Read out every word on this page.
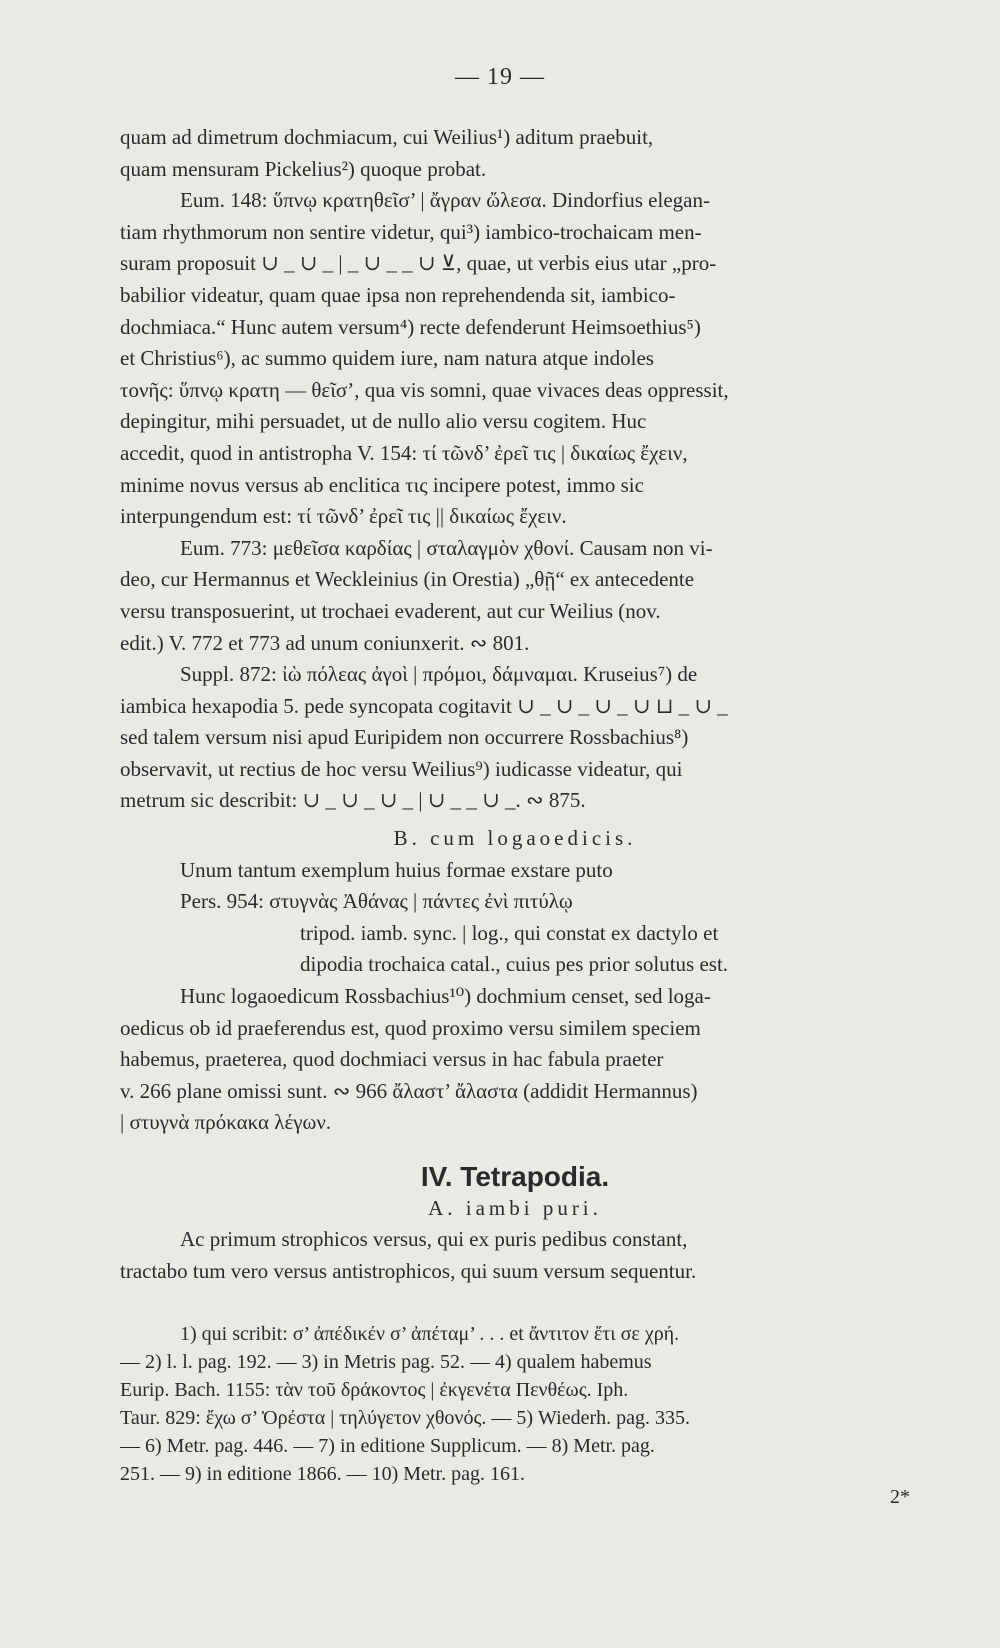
— 19 —

quam ad dimetrum dochmiacum, cui Weilius¹) aditum praebuit,

quam mensuram Pickelius²) quoque probat.

Eum. 148: ὕπνῳ κρατηθεῖσ’ | ἄγραν ὤλεσα. Dindorfius elegan-

tiam rhythmorum non sentire videtur, qui³) iambico-trochaicam men-

suram proposuit ∪ _ ∪ _ | _ ∪ _ _ ∪ ⊻, quae, ut verbis eius utar „pro-

babilior videatur, quam quae ipsa non reprehendenda sit, iambico-

dochmiaca.“ Hunc autem versum⁴) recte defenderunt Heimsoethius⁵)

et Christius⁶), ac summo quidem iure, nam natura atque indoles

τονῆς: ὕπνῳ κρατη — θεῖσ’, qua vis somni, quae vivaces deas oppressit,

depingitur, mihi persuadet, ut de nullo alio versu cogitem. Huc

accedit, quod in antistropha V. 154: τί τῶνδ’ ἐρεῖ τις | δικαίως ἔχειν,

minime novus versus ab enclitica τις incipere potest, immo sic

interpungendum est: τί τῶνδ’ ἐρεῖ τις || δικαίως ἔχειν.

Eum. 773: μεθεῖσα καρδίας | σταλαγμὸν χθονί. Causam non vi-

deo, cur Hermannus et Weckleinius (in Orestia) „θῇ“ ex antecedente

versu transposuerint, ut trochaei evaderent, aut cur Weilius (nov.

edit.) V. 772 et 773 ad unum coniunxerit. ∾ 801.

Suppl. 872: ἰὼ πόλεας ἀγοὶ | πρόμοι, δάμναμαι. Kruseius⁷) de

iambica hexapodia 5. pede syncopata cogitavit ∪ _ ∪ _ ∪ _ ∪ ⊔ _ ∪ _

sed talem versum nisi apud Euripidem non occurrere Rossbachius⁸)

observavit, ut rectius de hoc versu Weilius⁹) iudicasse videatur, qui

metrum sic describit: ∪ _ ∪ _ ∪ _ | ∪ _ _ ∪ _. ∾ 875.

B. cum logaoedicis.

Unum tantum exemplum huius formae exstare puto

Pers. 954: στυγνὰς Ἀθάνας | πάντες ἐνὶ πιτύλῳ

tripod. iamb. sync. | log., qui constat ex dactylo et

dipodia trochaica catal., cuius pes prior solutus est.

Hunc logaoedicum Rossbachius¹⁰) dochmium censet, sed loga-

oedicus ob id praeferendus est, quod proximo versu similem speciem

habemus, praeterea, quod dochmiaci versus in hac fabula praeter

v. 266 plane omissi sunt. ∾ 966 ἄλαστ’ ἄλαστα (addidit Hermannus)

| στυγνὰ πρόκακα λέγων.

IV. Tetrapodia.

A. iambi puri.

Ac primum strophicos versus, qui ex puris pedibus constant,

tractabo tum vero versus antistrophicos, qui suum versum sequentur.

1) qui scribit: σ’ ἀπέδικέν σ’ ἀπέταμ’ . . . et ἄντιτον ἔτι σε χρή.

— 2) l. l. pag. 192. — 3) in Metris pag. 52. — 4) qualem habemus

Eurip. Bach. 1155: τὰν τοῦ δράκοντος | ἐκγενέτα Πενθέως. Iph.

Taur. 829: ἔχω σ’ Ὀρέστα | τηλύγετον χθονός. — 5) Wiederh. pag. 335.

— 6) Metr. pag. 446. — 7) in editione Supplicum. — 8) Metr. pag.

251. — 9) in editione 1866. — 10) Metr. pag. 161.

2*
